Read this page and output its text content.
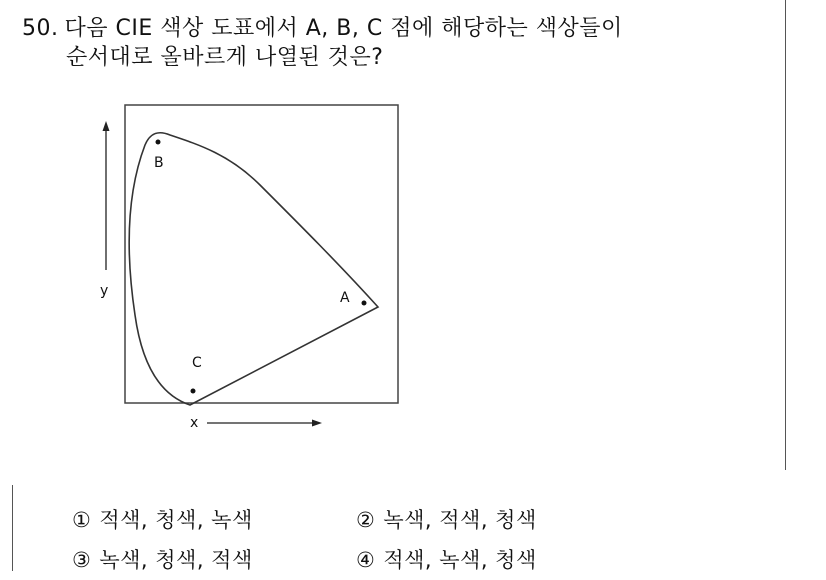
50. 다음 CIE 색상 도표에서 A, B, C 점에 해당하는 색상들이
순서대로 올바르게 나열된 것은?
B
A
C
y
x
① 적색, 청색, 녹색	② 녹색, 적색, 청색
③ 녹색, 청색, 적색	④ 적색, 녹색, 청색
